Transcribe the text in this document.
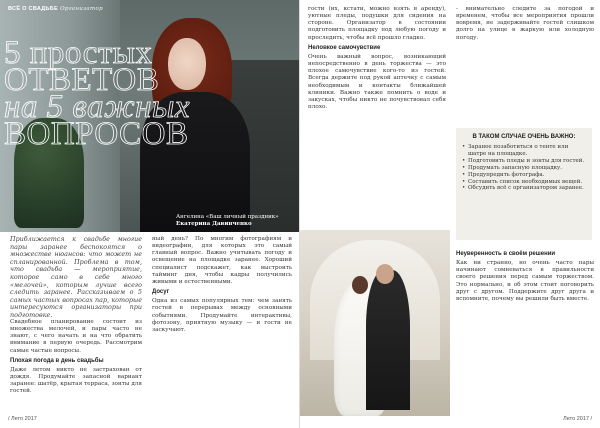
ВСЁ О СВАДЬБЕ Организатор
5 простых
ОТВЕТОВ
на 5 важных
ВОПРОСОВ
Ангелина «Ваш личный праздник»
Екатерина Давинченко
Приближается к свадьбе многие пары заранее беспокоятся о множестве нюансов: что может не спланированной. Проблема в том, что свадьба — мероприятие, которое само в себе много «мелочей», которым лучше всего следить заранее. Рассказываем о 5 самых частых вопросах пар, которые интересуются организаторы при подготовке.

Свадебное планирование состоит из множества мелочей, и пары часто не знают, с чего начать и на что обратить внимание в первую очередь. Рассмотрим самые частые вопросы.

Плохая погода в день свадьбы

Даже летом никто не застрахован от дождя. Продумайте запасной вариант заранее: шатёр, крытая терраса, зонты для гостей.

ный день? По многим фотографиям и видеографии, для которых это самый главный вопрос. Важно учитывать погоду и освещение на площадке заранее. Хороший специалист подскажет, как выстроить тайминг дня, чтобы кадры получились живыми и естественными.

Досуг

Одна из самых популярных тем: чем занять гостей в перерывах между основными событиями. Продумайте интерактивы, фотозону, приятную музыку — и гости не заскучают.

/ Лето 2017

гости (их, кстати, можно взять в аренду), уютные пледы, подушки для сидения на стороне. Организатор в состоянии подготовить площадку под любую погоду и проследить, чтобы всё прошло гладко.

Неловкое самочувствие

Очень важный вопрос, возникающий непосредственно в день торжества — это плохое самочувствие кого-то из гостей. Всегда держите под рукой аптечку с самым необходимым и контакты ближайшей клиники. Важно также помнить о воде и закусках, чтобы никто не почувствовал себя плохо.

- внимательно следите за погодой и временем, чтобы все мероприятия прошли вовремя, не задерживайте гостей слишком долго на улице в жаркую или холодную погоду.

В ТАКОМ СЛУЧАЕ ОЧЕНЬ ВАЖНО:
• Заранее позаботиться о тенте или шатре на площадке.
• Подготовить пледы и зонты для гостей.
• Продумать запасную площадку.
• Предупредить фотографа.
• Составить список необходимых вещей.
• Обсудить всё с организатором заранее.
Неуверенность в своём решении

Как ни странно, но очень часто пары начинают сомневаться в правильности своего решения перед самым торжеством. Это нормально, и об этом стоит поговорить друг с другом. Поддержите друг друга и вспомните, почему вы решили быть вместе.

Лето 2017 /
